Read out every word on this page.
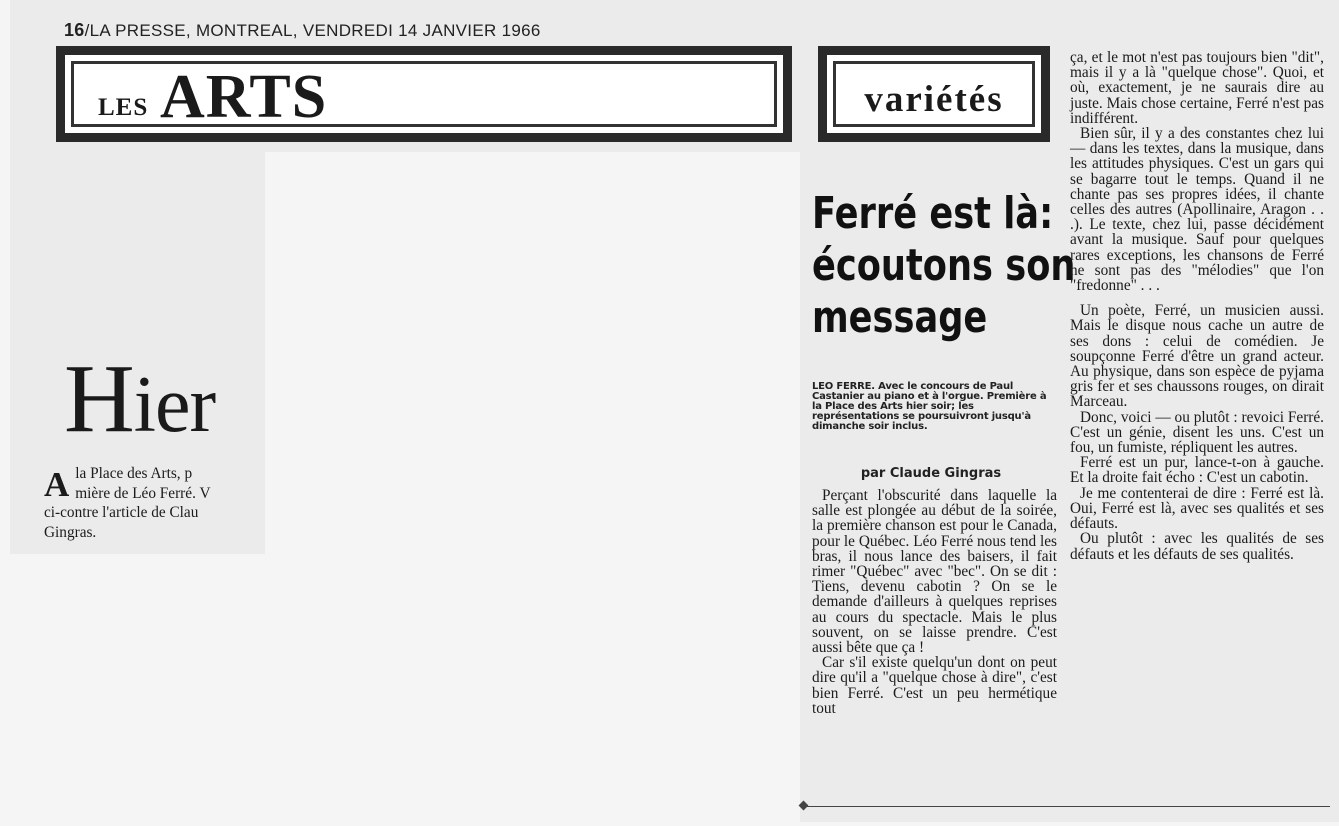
16/LA PRESSE, MONTREAL, VENDREDI 14 JANVIER 1966
LES ARTS	variétés
Hier
A la Place des Arts, p
mière de Léo Ferré. V
ci-contre l'article de Clau
Gingras.
Ferré est là:
écoutons son
message
LEO FERRE. Avec le concours de Paul Castanier au piano et à l'orgue. Première à la Place des Arts hier soir; les représentations se poursuivront jusqu'à dimanche soir inclus.
par Claude Gingras

Perçant l'obscurité dans laquelle la salle est plongée au début de la soirée, la première chanson est pour le Canada, pour le Québec. Léo Ferré nous tend les bras, il nous lance des baisers, il fait rimer "Québec" avec "bec". On se dit : Tiens, devenu cabotin ? On se le demande d'ailleurs à quelques reprises au cours du spectacle. Mais le plus souvent, on se laisse prendre. C'est aussi bête que ça !

Car s'il existe quelqu'un dont on peut dire qu'il a "quelque chose à dire", c'est bien Ferré. C'est un peu hermétique tout

ça, et le mot n'est pas toujours bien "dit", mais il y a là "quelque chose". Quoi, et où, exactement, je ne saurais dire au juste. Mais chose certaine, Ferré n'est pas indifférent.

Bien sûr, il y a des constantes chez lui — dans les textes, dans la musique, dans les attitudes physiques. C'est un gars qui se bagarre tout le temps. Quand il ne chante pas ses propres idées, il chante celles des autres (Apollinaire, Aragon . . .). Le texte, chez lui, passe décidément avant la musique. Sauf pour quelques rares exceptions, les chansons de Ferré ne sont pas des "mélodies" que l'on "fredonne" . . .

Un poète, Ferré, un musicien aussi. Mais le disque nous cache un autre de ses dons : celui de comédien. Je soupçonne Ferré d'être un grand acteur. Au physique, dans son espèce de pyjama gris fer et ses chaussons rouges, on dirait Marceau.

Donc, voici — ou plutôt : revoici Ferré. C'est un génie, disent les uns. C'est un fou, un fumiste, répliquent les autres.

Ferré est un pur, lance-t-on à gauche. Et la droite fait écho : C'est un cabotin.

Je me contenterai de dire : Ferré est là. Oui, Ferré est là, avec ses qualités et ses défauts.

Ou plutôt : avec les qualités de ses défauts et les défauts de ses qualités.
